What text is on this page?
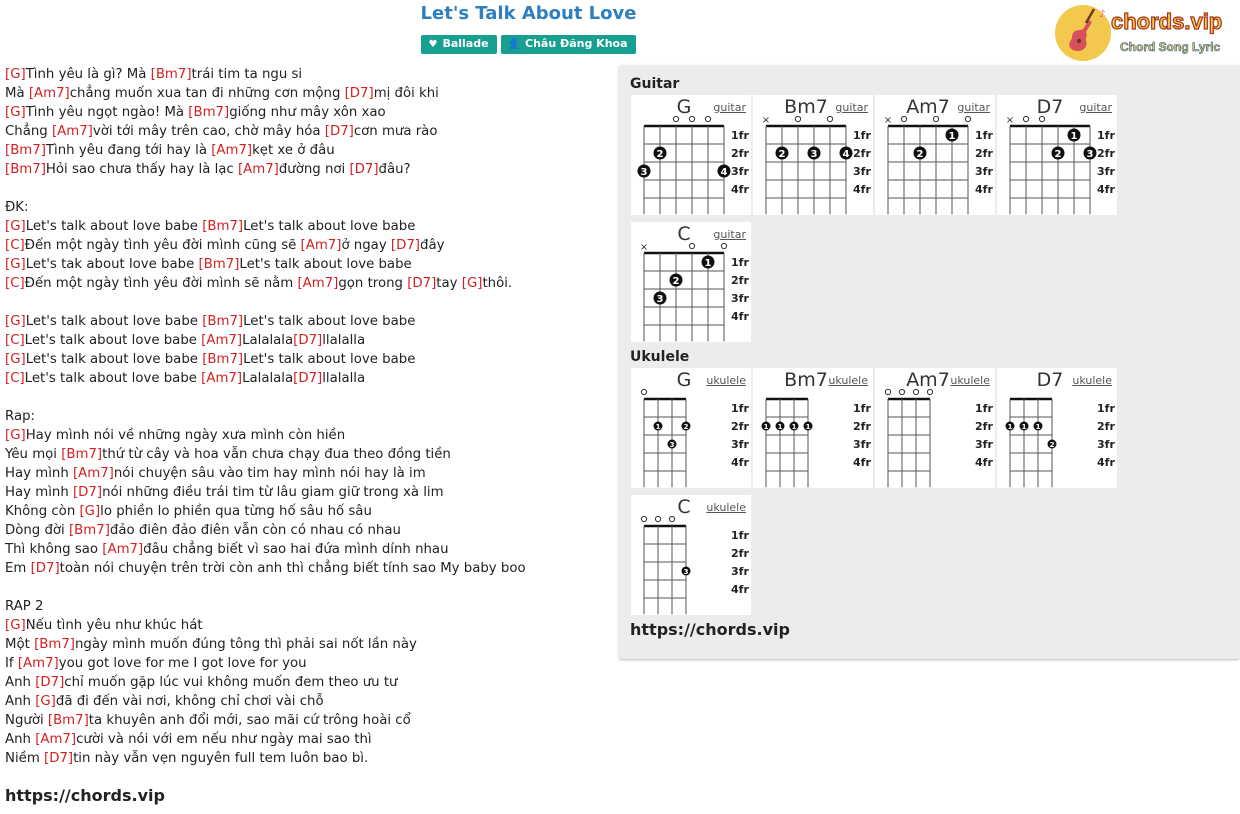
Let's Talk About Love
♥ Ballade 👤 Châu Đăng Khoa
♪ chords.vip
Chord Song Lyric
[G]Tình yêu là gì? Mà [Bm7]trái tim ta ngu si
Mà [Am7]chẳng muốn xua tan đi những cơn mộng [D7]mị đôi khi
[G]Tình yêu ngọt ngào! Mà [Bm7]giống như mây xôn xao
Chẳng [Am7]vời tới mây trên cao, chờ mây hóa [D7]cơn mưa rào
[Bm7]Tình yêu đang tới hay là [Am7]kẹt xe ở đâu
[Bm7]Hỏi sao chưa thấy hay là lạc [Am7]đường nơi [D7]đâu?
ĐK:
[G]Let's talk about love babe [Bm7]Let's talk about love babe
[C]Đến một ngày tình yêu đời mình cũng sẽ [Am7]ở ngay [D7]đây
[G]Let's tak about love babe [Bm7]Let's talk about love babe
[C]Đến một ngày tình yêu đời mình sẽ nằm [Am7]gọn trong [D7]tay [G]thôi.
[G]Let's talk about love babe [Bm7]Let's talk about love babe
[C]Let's talk about love babe [Am7]Lalalala[D7]llalalla
[G]Let's talk about love babe [Bm7]Let's talk about love babe
[C]Let's talk about love babe [Am7]Lalalala[D7]llalalla
Rap:
[G]Hay mình nói về những ngày xưa mình còn hiền
Yêu mọi [Bm7]thứ từ cây và hoa vẫn chưa chạy đua theo đồng tiền
Hay mình [Am7]nói chuyện sâu vào tim hay mình nói hay là im
Hay mình [D7]nói những điều trái tim từ lâu giam giữ trong xà lim
Không còn [G]lo phiền lo phiền qua từng hố sâu hố sâu
Dòng đời [Bm7]đảo điên đảo điên vẫn còn có nhau có nhau
Thì không sao [Am7]đâu chẳng biết vì sao hai đứa mình dính nhau
Em [D7]toàn nói chuyện trên trời còn anh thì chẳng biết tính sao My baby boo
RAP 2
[G]Nếu tình yêu như khúc hát
Một [Bm7]ngày mình muốn đúng tông thì phải sai nốt lần này
If [Am7]you got love for me I got love for you
Anh [D7]chỉ muốn gặp lúc vui không muốn đem theo ưu tư
Anh [G]đã đi đến vài nơi, không chỉ chơi vài chỗ
Người [Bm7]ta khuyên anh đổi mới, sao mãi cứ trông hoài cổ
Anh [Am7]cười và nói với em nếu như ngày mai sao thì
Niềm [D7]tin này vẫn vẹn nguyên full tem luôn bao bì.
https://chords.vip
Guitar
2
3	4
1fr
2fr
3fr
4fr
G	guitar
×
2	3	4
1fr
2fr
3fr
4fr
Bm7 guitar
×
1
2
1fr
2fr
3fr
4fr
Am7 guitar
×
1
2	3
1fr
2fr
3fr
4fr
D7	guitar
×
1
2
3
1fr
2fr
3fr
4fr
C	guitar
Ukulele
1	2
3
1fr
2fr
3fr
4fr
G	ukulele
1 1 1 1
1fr
2fr
3fr
4fr
Bm7 ukulele
1fr
2fr
3fr
4fr
Am7 ukulele
1 1 1
2
1fr
2fr
3fr
4fr
D7 ukulele
3
1fr
2fr
3fr
4fr
C	ukulele
https://chords.vip
